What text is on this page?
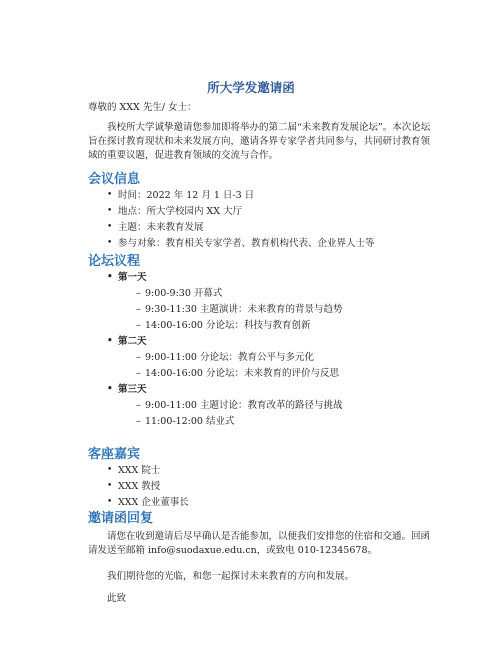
所大学发邀请函

尊敬的 XXX 先生/ 女士：

我校所大学诚挚邀请您参加即将举办的第二届“未来教育发展论坛”。本次论坛旨在探讨教育现状和未来发展方向，邀请各界专家学者共同参与，共同研讨教育领域的重要议题，促进教育领域的交流与合作。

会议信息
• 时间：2022 年 12 月 1 日-3 日
• 地点：所大学校园内 XX 大厅
• 主题：未来教育发展
• 参与对象：教育相关专家学者、教育机构代表、企业界人士等
论坛议程
• 第一天
– 9:00-9:30 开幕式
– 9:30-11:30 主题演讲：未来教育的背景与趋势
– 14:00-16:00 分论坛：科技与教育创新
• 第二天
– 9:00-11:00 分论坛：教育公平与多元化
– 14:00-16:00 分论坛：未来教育的评价与反思
• 第三天
– 9:00-11:00 主题讨论：教育改革的路径与挑战
– 11:00-12:00 结业式
客座嘉宾
• XXX 院士
• XXX 教授
• XXX 企业董事长
邀请函回复

请您在收到邀请后尽早确认是否能参加，以便我们安排您的住宿和交通。回函请发送至邮箱 info@suodaxue.edu.cn，或致电 010-12345678。

我们期待您的光临，和您一起探讨未来教育的方向和发展。

此致
